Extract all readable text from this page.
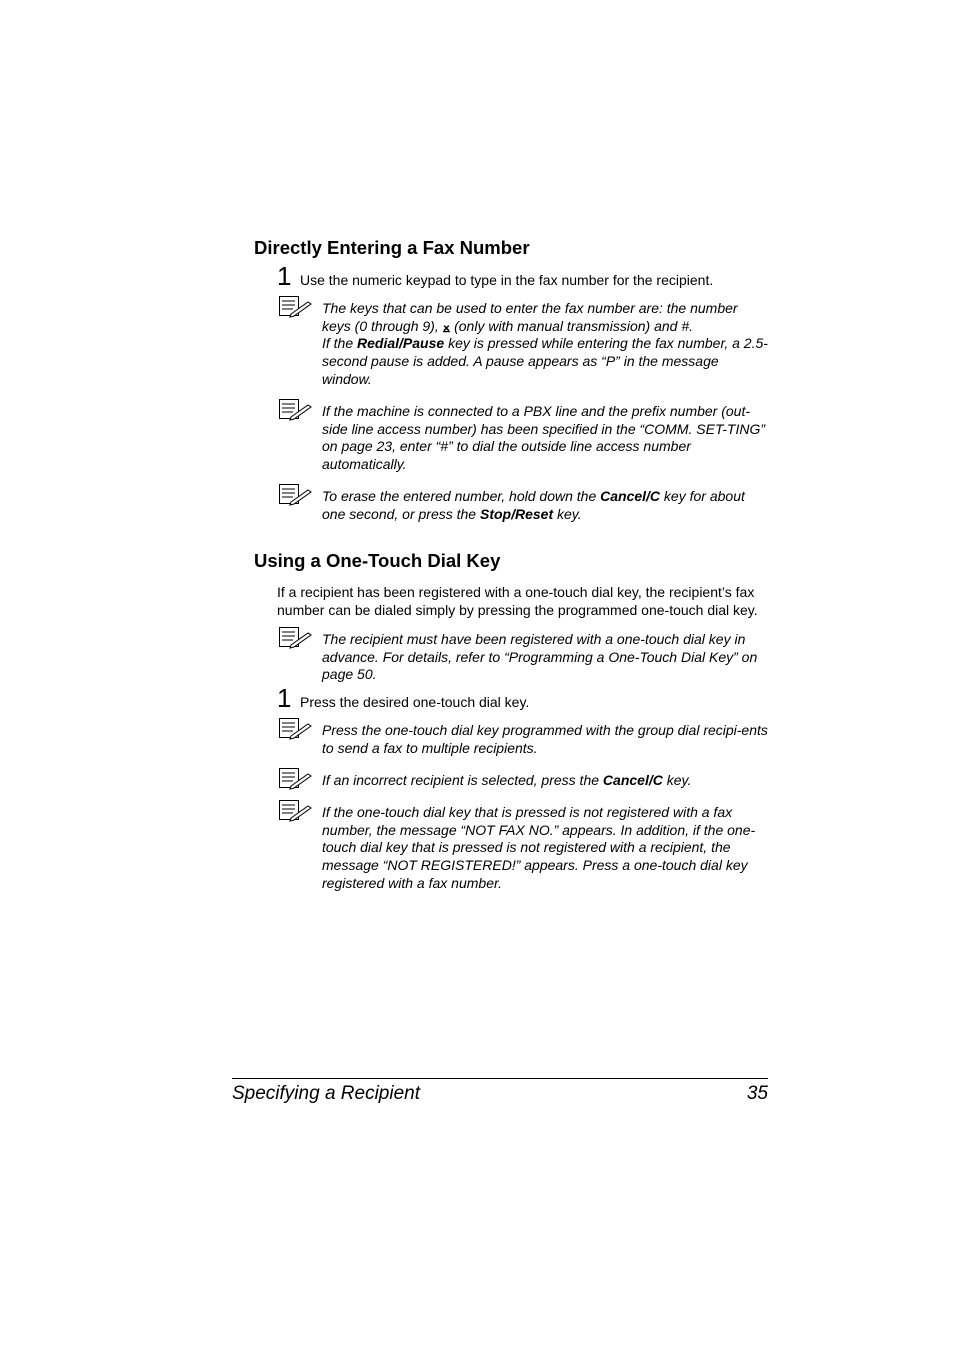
Directly Entering a Fax Number
1 Use the numeric keypad to type in the fax number for the recipient.

The keys that can be used to enter the fax number are: the number keys (0 through 9), ⨱ (only with manual transmission) and #.

If the Redial/Pause key is pressed while entering the fax number, a 2.5-second pause is added. A pause appears as “P” in the message window.

If the machine is connected to a PBX line and the prefix number (out-side line access number) has been specified in the “COMM. SET-TING” on page 23, enter “#” to dial the outside line access number automatically.

To erase the entered number, hold down the Cancel/C key for about one second, or press the Stop/Reset key.

Using a One-Touch Dial Key

If a recipient has been registered with a one-touch dial key, the recipient’s fax number can be dialed simply by pressing the programmed one-touch dial key.

The recipient must have been registered with a one-touch dial key in advance. For details, refer to “Programming a One-Touch Dial Key” on page 50.

1 Press the desired one-touch dial key.

Press the one-touch dial key programmed with the group dial recipi-ents to send a fax to multiple recipients.

If an incorrect recipient is selected, press the Cancel/C key.

If the one-touch dial key that is pressed is not registered with a fax number, the message “NOT FAX NO.” appears. In addition, if the one-touch dial key that is pressed is not registered with a recipient, the message “NOT REGISTERED!” appears. Press a one-touch dial key registered with a fax number.

Specifying a Recipient	35
